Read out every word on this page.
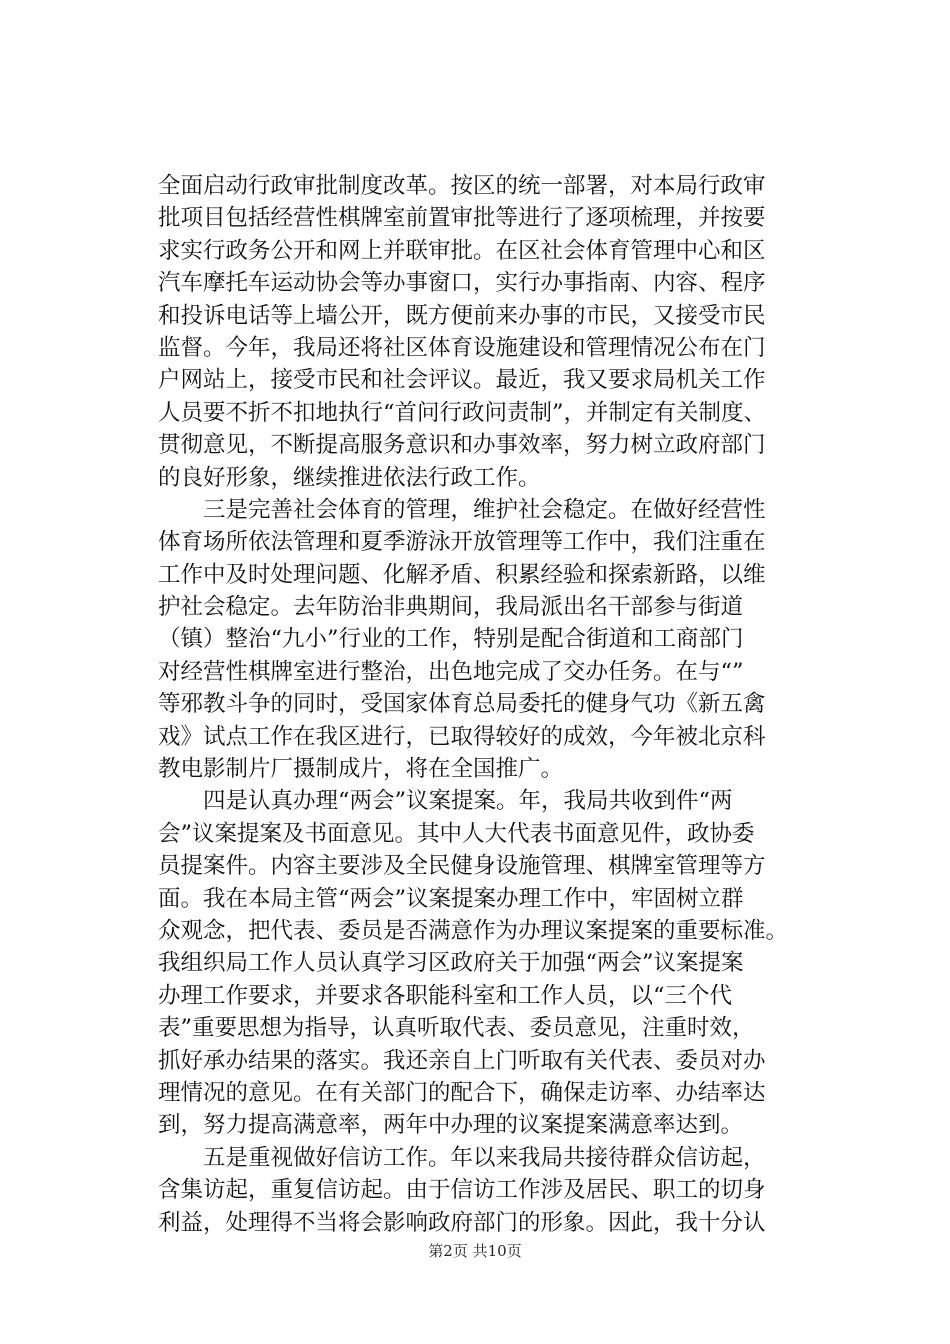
全面启动行政审批制度改革。按区的统一部署，对本局行政审
批项目包括经营性棋牌室前置审批等进行了逐项梳理，并按要
求实行政务公开和网上并联审批。在区社会体育管理中心和区
汽车摩托车运动协会等办事窗口，实行办事指南、内容、程序
和投诉电话等上墙公开，既方便前来办事的市民，又接受市民
监督。今年，我局还将社区体育设施建设和管理情况公布在门
户网站上，接受市民和社会评议。最近，我又要求局机关工作
人员要不折不扣地执行“首问行政问责制”，并制定有关制度、
贯彻意见，不断提高服务意识和办事效率，努力树立政府部门
的良好形象，继续推进依法行政工作。
三是完善社会体育的管理，维护社会稳定。在做好经营性
体育场所依法管理和夏季游泳开放管理等工作中，我们注重在
工作中及时处理问题、化解矛盾、积累经验和探索新路，以维
护社会稳定。去年防治非典期间，我局派出名干部参与街道
（镇）整治“九小”行业的工作，特别是配合街道和工商部门
对经营性棋牌室进行整治，出色地完成了交办任务。在与“”
等邪教斗争的同时，受国家体育总局委托的健身气功《新五禽
戏》试点工作在我区进行，已取得较好的成效，今年被北京科
教电影制片厂摄制成片，将在全国推广。
四是认真办理“两会”议案提案。年，我局共收到件“两
会”议案提案及书面意见。其中人大代表书面意见件，政协委
员提案件。内容主要涉及全民健身设施管理、棋牌室管理等方
面。我在本局主管“两会”议案提案办理工作中，牢固树立群
众观念，把代表、委员是否满意作为办理议案提案的重要标准。
我组织局工作人员认真学习区政府关于加强“两会”议案提案
办理工作要求，并要求各职能科室和工作人员，以“三个代
表”重要思想为指导，认真听取代表、委员意见，注重时效，
抓好承办结果的落实。我还亲自上门听取有关代表、委员对办
理情况的意见。在有关部门的配合下，确保走访率、办结率达
到，努力提高满意率，两年中办理的议案提案满意率达到。
五是重视做好信访工作。年以来我局共接待群众信访起，
含集访起，重复信访起。由于信访工作涉及居民、职工的切身
利益，处理得不当将会影响政府部门的形象。因此，我十分认
第2页 共10页
